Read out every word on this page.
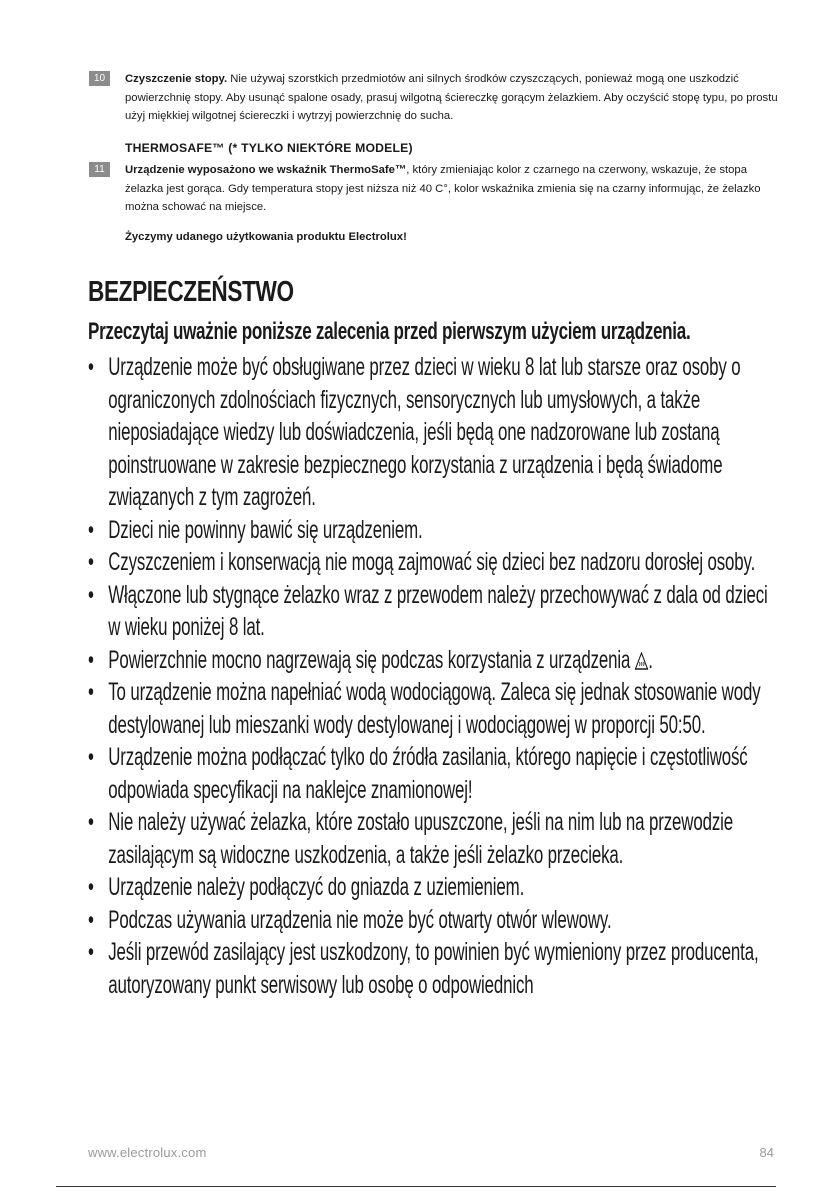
10	Czyszczenie stopy. Nie używaj szorstkich przedmiotów ani silnych środków czyszczących, ponieważ mogą one uszkodzić powierzchnię stopy. Aby usunąć spalone osady, prasuj wilgotną ściereczkę gorącym żelazkiem. Aby oczyścić stopę typu, po prostu użyj miękkiej wilgotnej ściereczki i wytrzyj powierzchnię do sucha.
THERMOSAFE™ (* TYLKO NIEKTÓRE MODELE)
11	Urządzenie wyposażono we wskaźnik ThermoSafe™, który zmieniając kolor z czarnego na czerwony, wskazuje, że stopa żelazka jest gorąca. Gdy temperatura stopy jest niższa niż 40 C°, kolor wskaźnika zmienia się na czarny informując, że żelazko można schować na miejsce.
Życzymy udanego użytkowania produktu Electrolux!
BEZPIECZEŃSTWO

Przeczytaj uważnie poniższe zalecenia przed pierwszym użyciem urządzenia.

• Urządzenie może być obsługiwane przez dzieci w wieku 8 lat lub starsze oraz osoby o ograniczonych zdolnościach fizycznych, sensorycznych lub umysłowych, a także nieposiadające wiedzy lub doświadczenia, jeśli będą one nadzorowane lub zostaną poinstruowane w zakresie bezpiecznego korzystania z urządzenia i będą świadome związanych z tym zagrożeń.
• Dzieci nie powinny bawić się urządzeniem.
• Czyszczeniem i konserwacją nie mogą zajmować się dzieci bez nadzoru dorosłej osoby.
• Włączone lub stygnące żelazko wraz z przewodem należy przechowywać z dala od dzieci w wieku poniżej 8 lat.
• Powierzchnie mocno nagrzewają się podczas korzystania z urządzenia .
• To urządzenie można napełniać wodą wodociągową. Zaleca się jednak stosowanie wody destylowanej lub mieszanki wody destylowanej i wodociągowej w proporcji 50:50.
• Urządzenie można podłączać tylko do źródła zasilania, którego napięcie i częstotliwość odpowiada specyfikacji na naklejce znamionowej!
• Nie należy używać żelazka, które zostało upuszczone, jeśli na nim lub na przewodzie zasilającym są widoczne uszkodzenia, a także jeśli żelazko przecieka.
• Urządzenie należy podłączyć do gniazda z uziemieniem.
• Podczas używania urządzenia nie może być otwarty otwór wlewowy.
• Jeśli przewód zasilający jest uszkodzony, to powinien być wymieniony przez producenta, autoryzowany punkt serwisowy lub osobę o odpowiednich
www.electrolux.com	84
